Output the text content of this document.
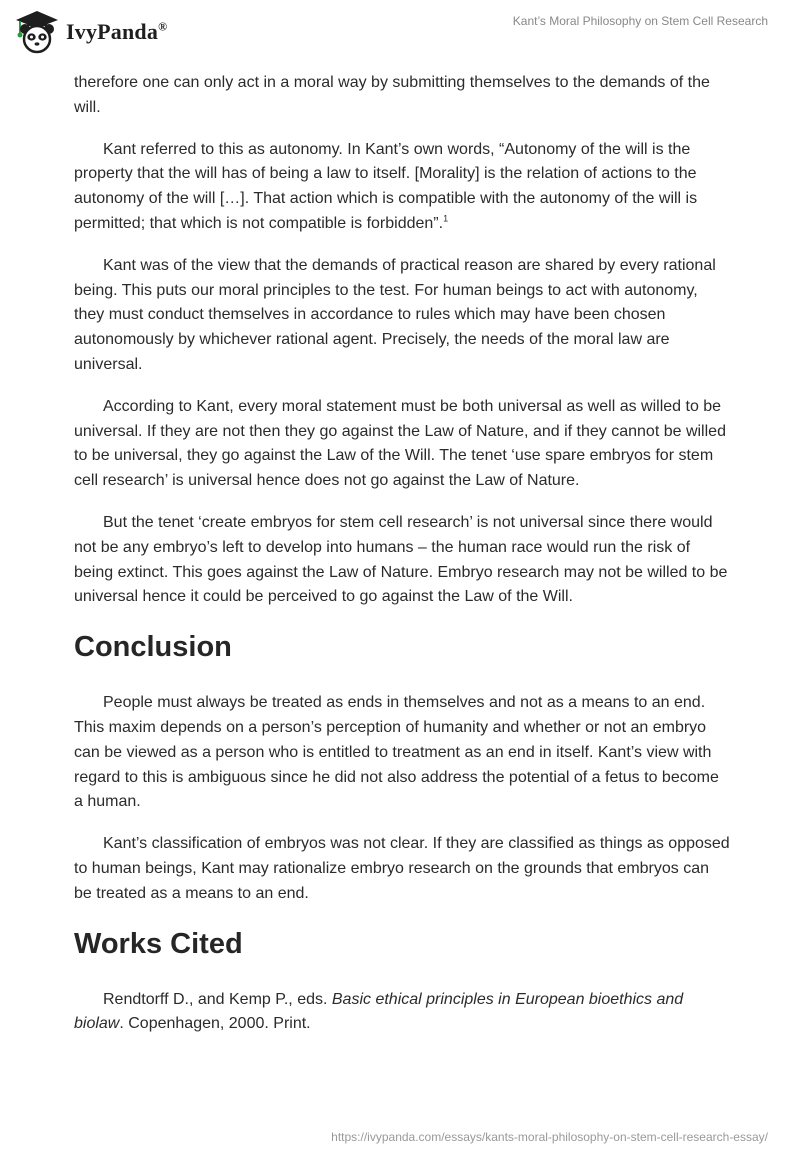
IvyPanda®	Kant’s Moral Philosophy on Stem Cell Research

therefore one can only act in a moral way by submitting themselves to the demands of the will.

Kant referred to this as autonomy. In Kant’s own words, “Autonomy of the will is the property that the will has of being a law to itself. [Morality] is the relation of actions to the autonomy of the will […]. That action which is compatible with the autonomy of the will is permitted; that which is not compatible is forbidden”.$^1$

Kant was of the view that the demands of practical reason are shared by every rational being. This puts our moral principles to the test. For human beings to act with autonomy, they must conduct themselves in accordance to rules which may have been chosen autonomously by whichever rational agent. Precisely, the needs of the moral law are universal.

According to Kant, every moral statement must be both universal as well as willed to be universal. If they are not then they go against the Law of Nature, and if they cannot be willed to be universal, they go against the Law of the Will. The tenet ‘use spare embryos for stem cell research’ is universal hence does not go against the Law of Nature.

But the tenet ‘create embryos for stem cell research’ is not universal since there would not be any embryo’s left to develop into humans – the human race would run the risk of being extinct. This goes against the Law of Nature. Embryo research may not be willed to be universal hence it could be perceived to go against the Law of the Will.

Conclusion

People must always be treated as ends in themselves and not as a means to an end. This maxim depends on a person’s perception of humanity and whether or not an embryo can be viewed as a person who is entitled to treatment as an end in itself. Kant’s view with regard to this is ambiguous since he did not also address the potential of a fetus to become a human.

Kant’s classification of embryos was not clear. If they are classified as things as opposed to human beings, Kant may rationalize embryo research on the grounds that embryos can be treated as a means to an end.

Works Cited

Rendtorff D., and Kemp P., eds. Basic ethical principles in European bioethics and biolaw. Copenhagen, 2000. Print.

https://ivypanda.com/essays/kants-moral-philosophy-on-stem-cell-research-essay/
